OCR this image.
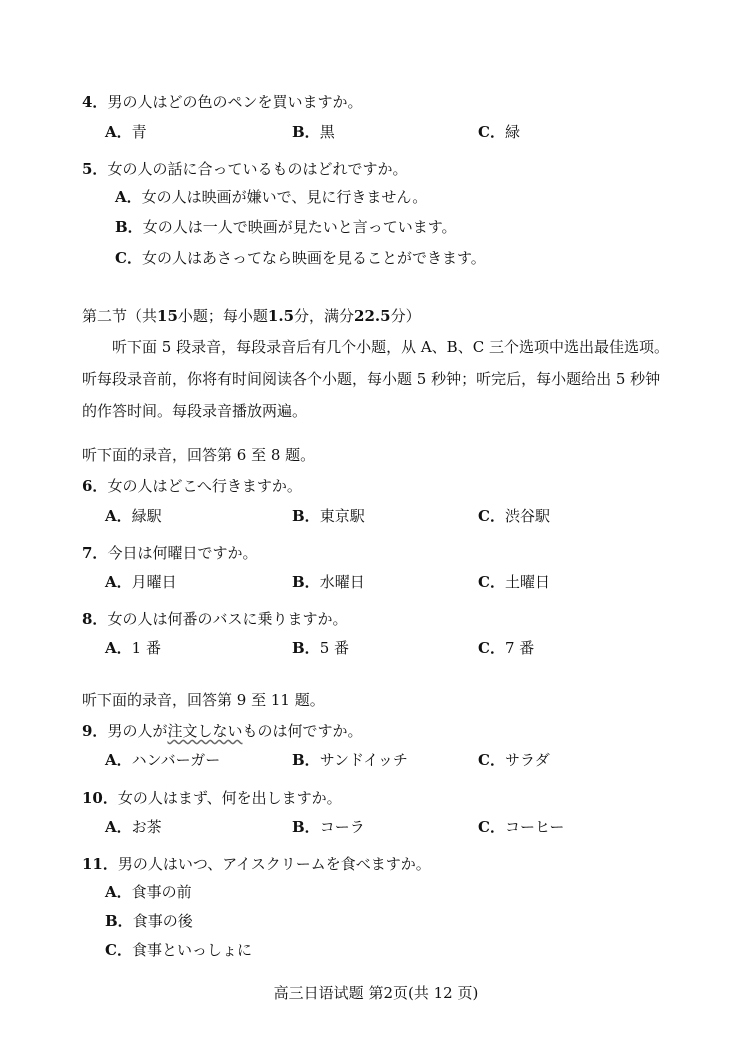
4．男の人はどの色のペンを買いますか。
A．青	B．黒	C．緑
5．女の人の話に合っているものはどれですか。
A．女の人は映画が嫌いで、見に行きません。
B．女の人は一人で映画が見たいと言っています。
C．女の人はあさってなら映画を見ることができます。
第二节（共15小题；每小题1.5分，满分22.5分）
听下面 5 段录音，每段录音后有几个小题，从 A、B、C 三个选项中选出最佳选项。
听每段录音前，你将有时间阅读各个小题，每小题 5 秒钟；听完后，每小题给出 5 秒钟
的作答时间。每段录音播放两遍。
听下面的录音，回答第 6 至 8 题。
6．女の人はどこへ行きますか。
A．緑駅	B．東京駅	C．渋谷駅
7．今日は何曜日ですか。
A．月曜日	B．水曜日	C．土曜日
8．女の人は何番のバスに乗りますか。
A．1 番	B．5 番	C．7 番
听下面的录音，回答第 9 至 11 题。
9．男の人が注文しないものは何ですか。
A．ハンバーガー	B．サンドイッチ	C．サラダ
10．女の人はまず、何を出しますか。
A．お茶	B．コーラ	C．コーヒー
11．男の人はいつ、アイスクリームを食べますか。
A．食事の前
B．食事の後
C．食事といっしょに
高三日语试题 第2页(共 12 页)
